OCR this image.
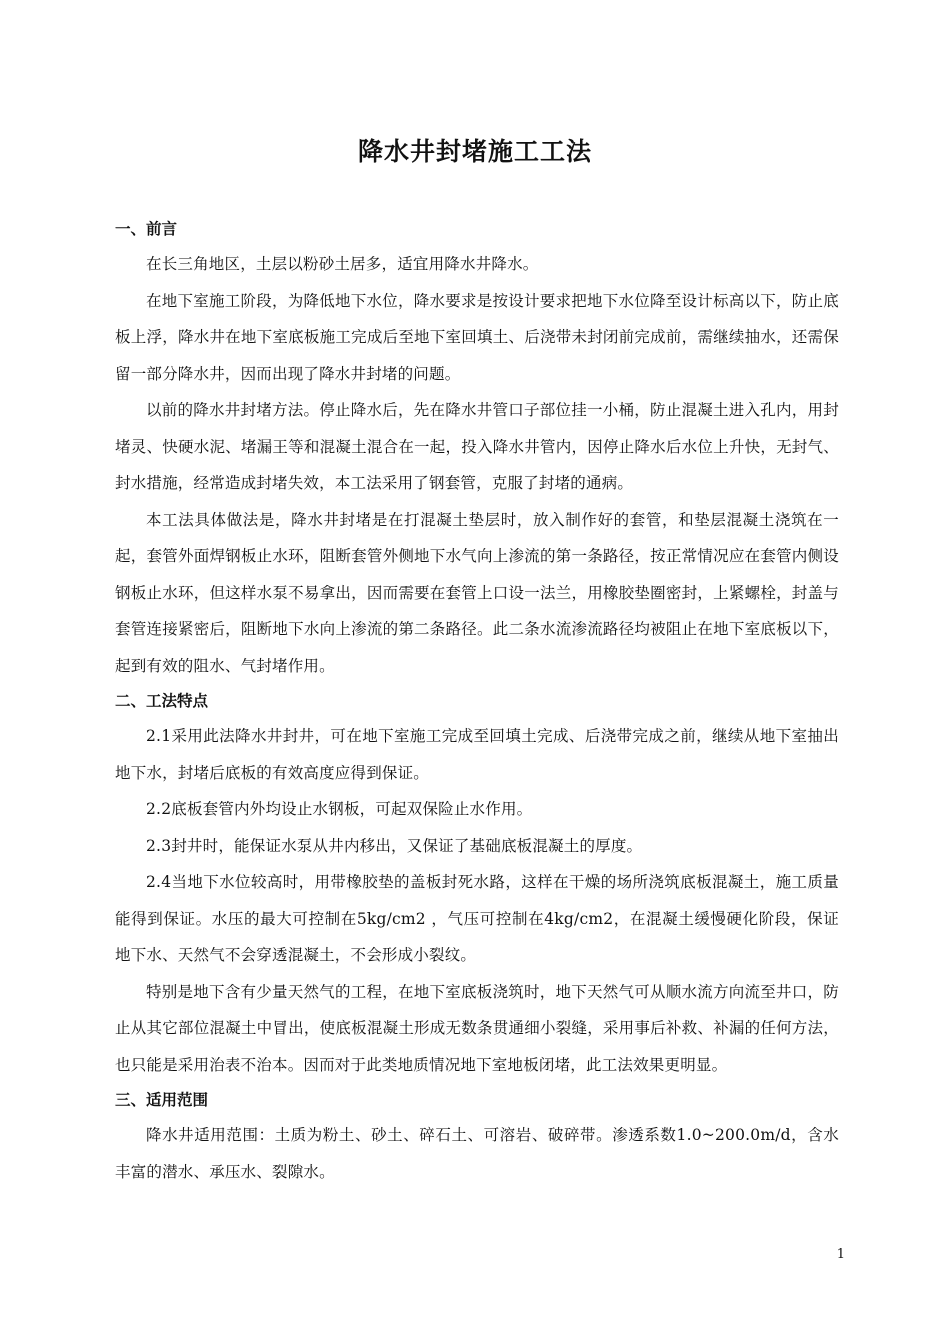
降水井封堵施工工法

一、前言

在长三角地区，土层以粉砂土居多，适宜用降水井降水。

在地下室施工阶段，为降低地下水位，降水要求是按设计要求把地下水位降至设计标高以下，防止底板上浮，降水井在地下室底板施工完成后至地下室回填土、后浇带未封闭前完成前，需继续抽水，还需保留一部分降水井，因而出现了降水井封堵的问题。

以前的降水井封堵方法。停止降水后，先在降水井管口子部位挂一小桶，防止混凝土进入孔内，用封堵灵、快硬水泥、堵漏王等和混凝土混合在一起，投入降水井管内，因停止降水后水位上升快，无封气、封水措施，经常造成封堵失效，本工法采用了钢套管，克服了封堵的通病。

本工法具体做法是，降水井封堵是在打混凝土垫层时，放入制作好的套管，和垫层混凝土浇筑在一起，套管外面焊钢板止水环，阻断套管外侧地下水气向上渗流的第一条路径，按正常情况应在套管内侧设钢板止水环，但这样水泵不易拿出，因而需要在套管上口设一法兰，用橡胶垫圈密封，上紧螺栓，封盖与套管连接紧密后，阻断地下水向上渗流的第二条路径。此二条水流渗流路径均被阻止在地下室底板以下，起到有效的阻水、气封堵作用。

二、工法特点

2.1采用此法降水井封井，可在地下室施工完成至回填土完成、后浇带完成之前，继续从地下室抽出地下水，封堵后底板的有效高度应得到保证。

2.2底板套管内外均设止水钢板，可起双保险止水作用。

2.3封井时，能保证水泵从井内移出，又保证了基础底板混凝土的厚度。

2.4当地下水位较高时，用带橡胶垫的盖板封死水路，这样在干燥的场所浇筑底板混凝土，施工质量能得到保证。水压的最大可控制在5kg/cm2 ，气压可控制在4kg/cm2，在混凝土缓慢硬化阶段，保证地下水、天然气不会穿透混凝土，不会形成小裂纹。

特别是地下含有少量天然气的工程，在地下室底板浇筑时，地下天然气可从顺水流方向流至井口，防止从其它部位混凝土中冒出，使底板混凝土形成无数条贯通细小裂缝，采用事后补救、补漏的任何方法，也只能是采用治表不治本。因而对于此类地质情况地下室地板闭堵，此工法效果更明显。

三、适用范围

降水井适用范围：土质为粉土、砂土、碎石土、可溶岩、破碎带。渗透系数1.0~200.0m/d，含水丰富的潜水、承压水、裂隙水。

1
